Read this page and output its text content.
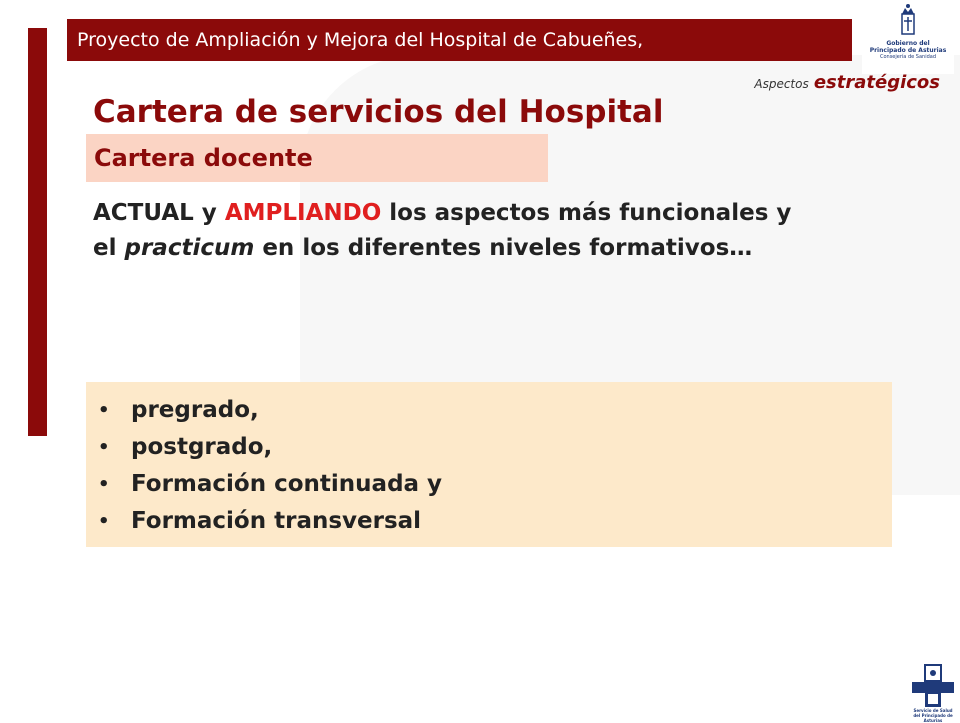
Proyecto de Ampliación y Mejora del Hospital de Cabueñes,	Gobierno del
Principado de Asturias
Consejería de Sanidad
Aspectos estratégicos
Cartera de servicios del Hospital
Cartera docente

ACTUAL y AMPLIANDO los aspectos más funcionales y el practicum en los diferentes niveles formativos…

• pregrado,
• postgrado,
• Formación continuada y
• Formación transversal
Servicio de Salud
del Principado de Asturias
